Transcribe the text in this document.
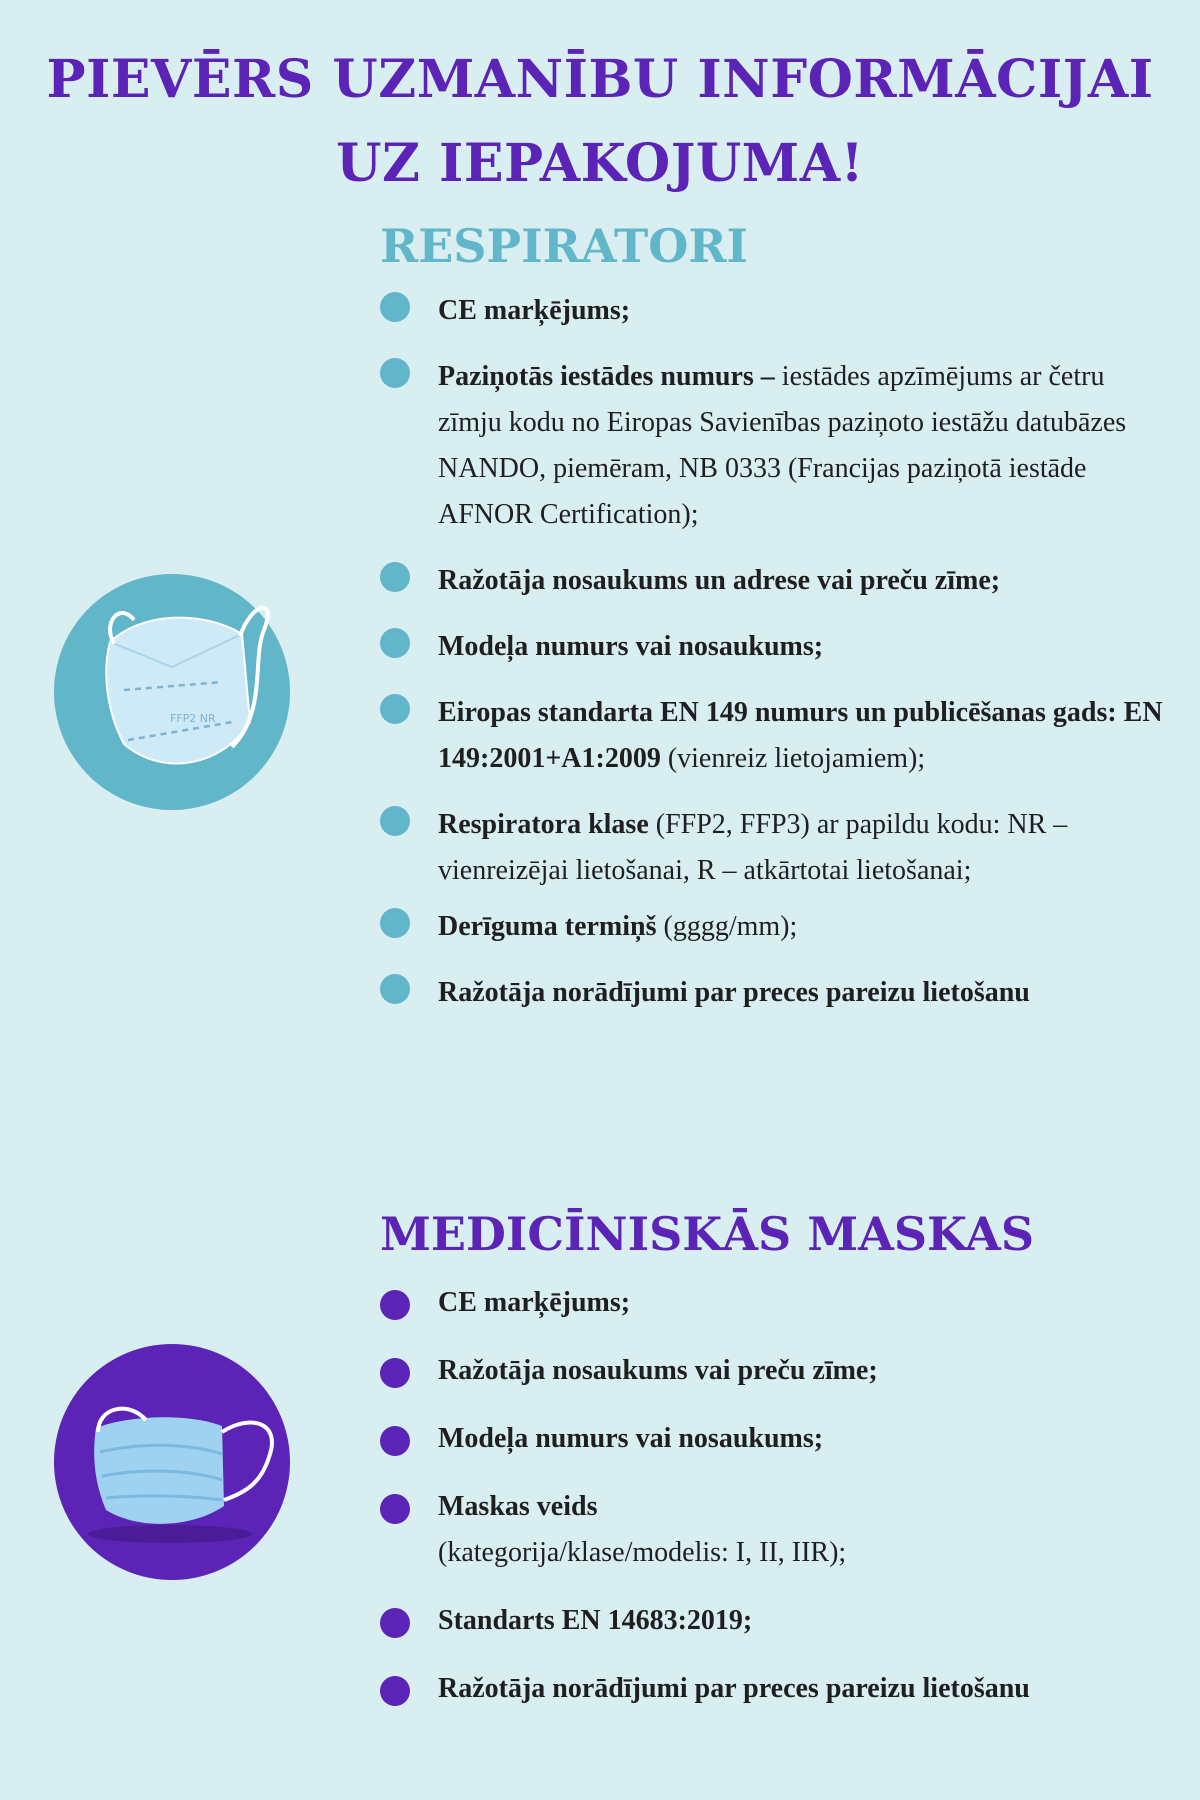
PIEVĒRS UZMANĪBU INFORMĀCIJAI
UZ IEPAKOJUMA!
FFP2 NR
RESPIRATORI
CE marķējums;
Paziņotās iestādes numurs – iestādes apzīmējums ar četru zīmju kodu no Eiropas Savienības paziņoto iestāžu datubāzes NANDO, piemēram, NB 0333 (Francijas paziņotā iestāde AFNOR Certification);
Ražotāja nosaukums un adrese vai preču zīme;
Modeļa numurs vai nosaukums;
Eiropas standarta EN 149 numurs un publicēšanas gads: EN 149:2001+A1:2009 (vienreiz lietojamiem);
Respiratora klase (FFP2, FFP3) ar papildu kodu: NR – vienreizējai lietošanai, R – atkārtotai lietošanai;
Derīguma termiņš (gggg/mm);
Ražotāja norādījumi par preces pareizu lietošanu
MEDICĪNISKĀS MASKAS
CE marķējums;
Ražotāja nosaukums vai preču zīme;
Modeļa numurs vai nosaukums;
Maskas veids
(kategorija/klase/modelis: I, II, IIR);
Standarts EN 14683:2019;
Ražotāja norādījumi par preces pareizu lietošanu
